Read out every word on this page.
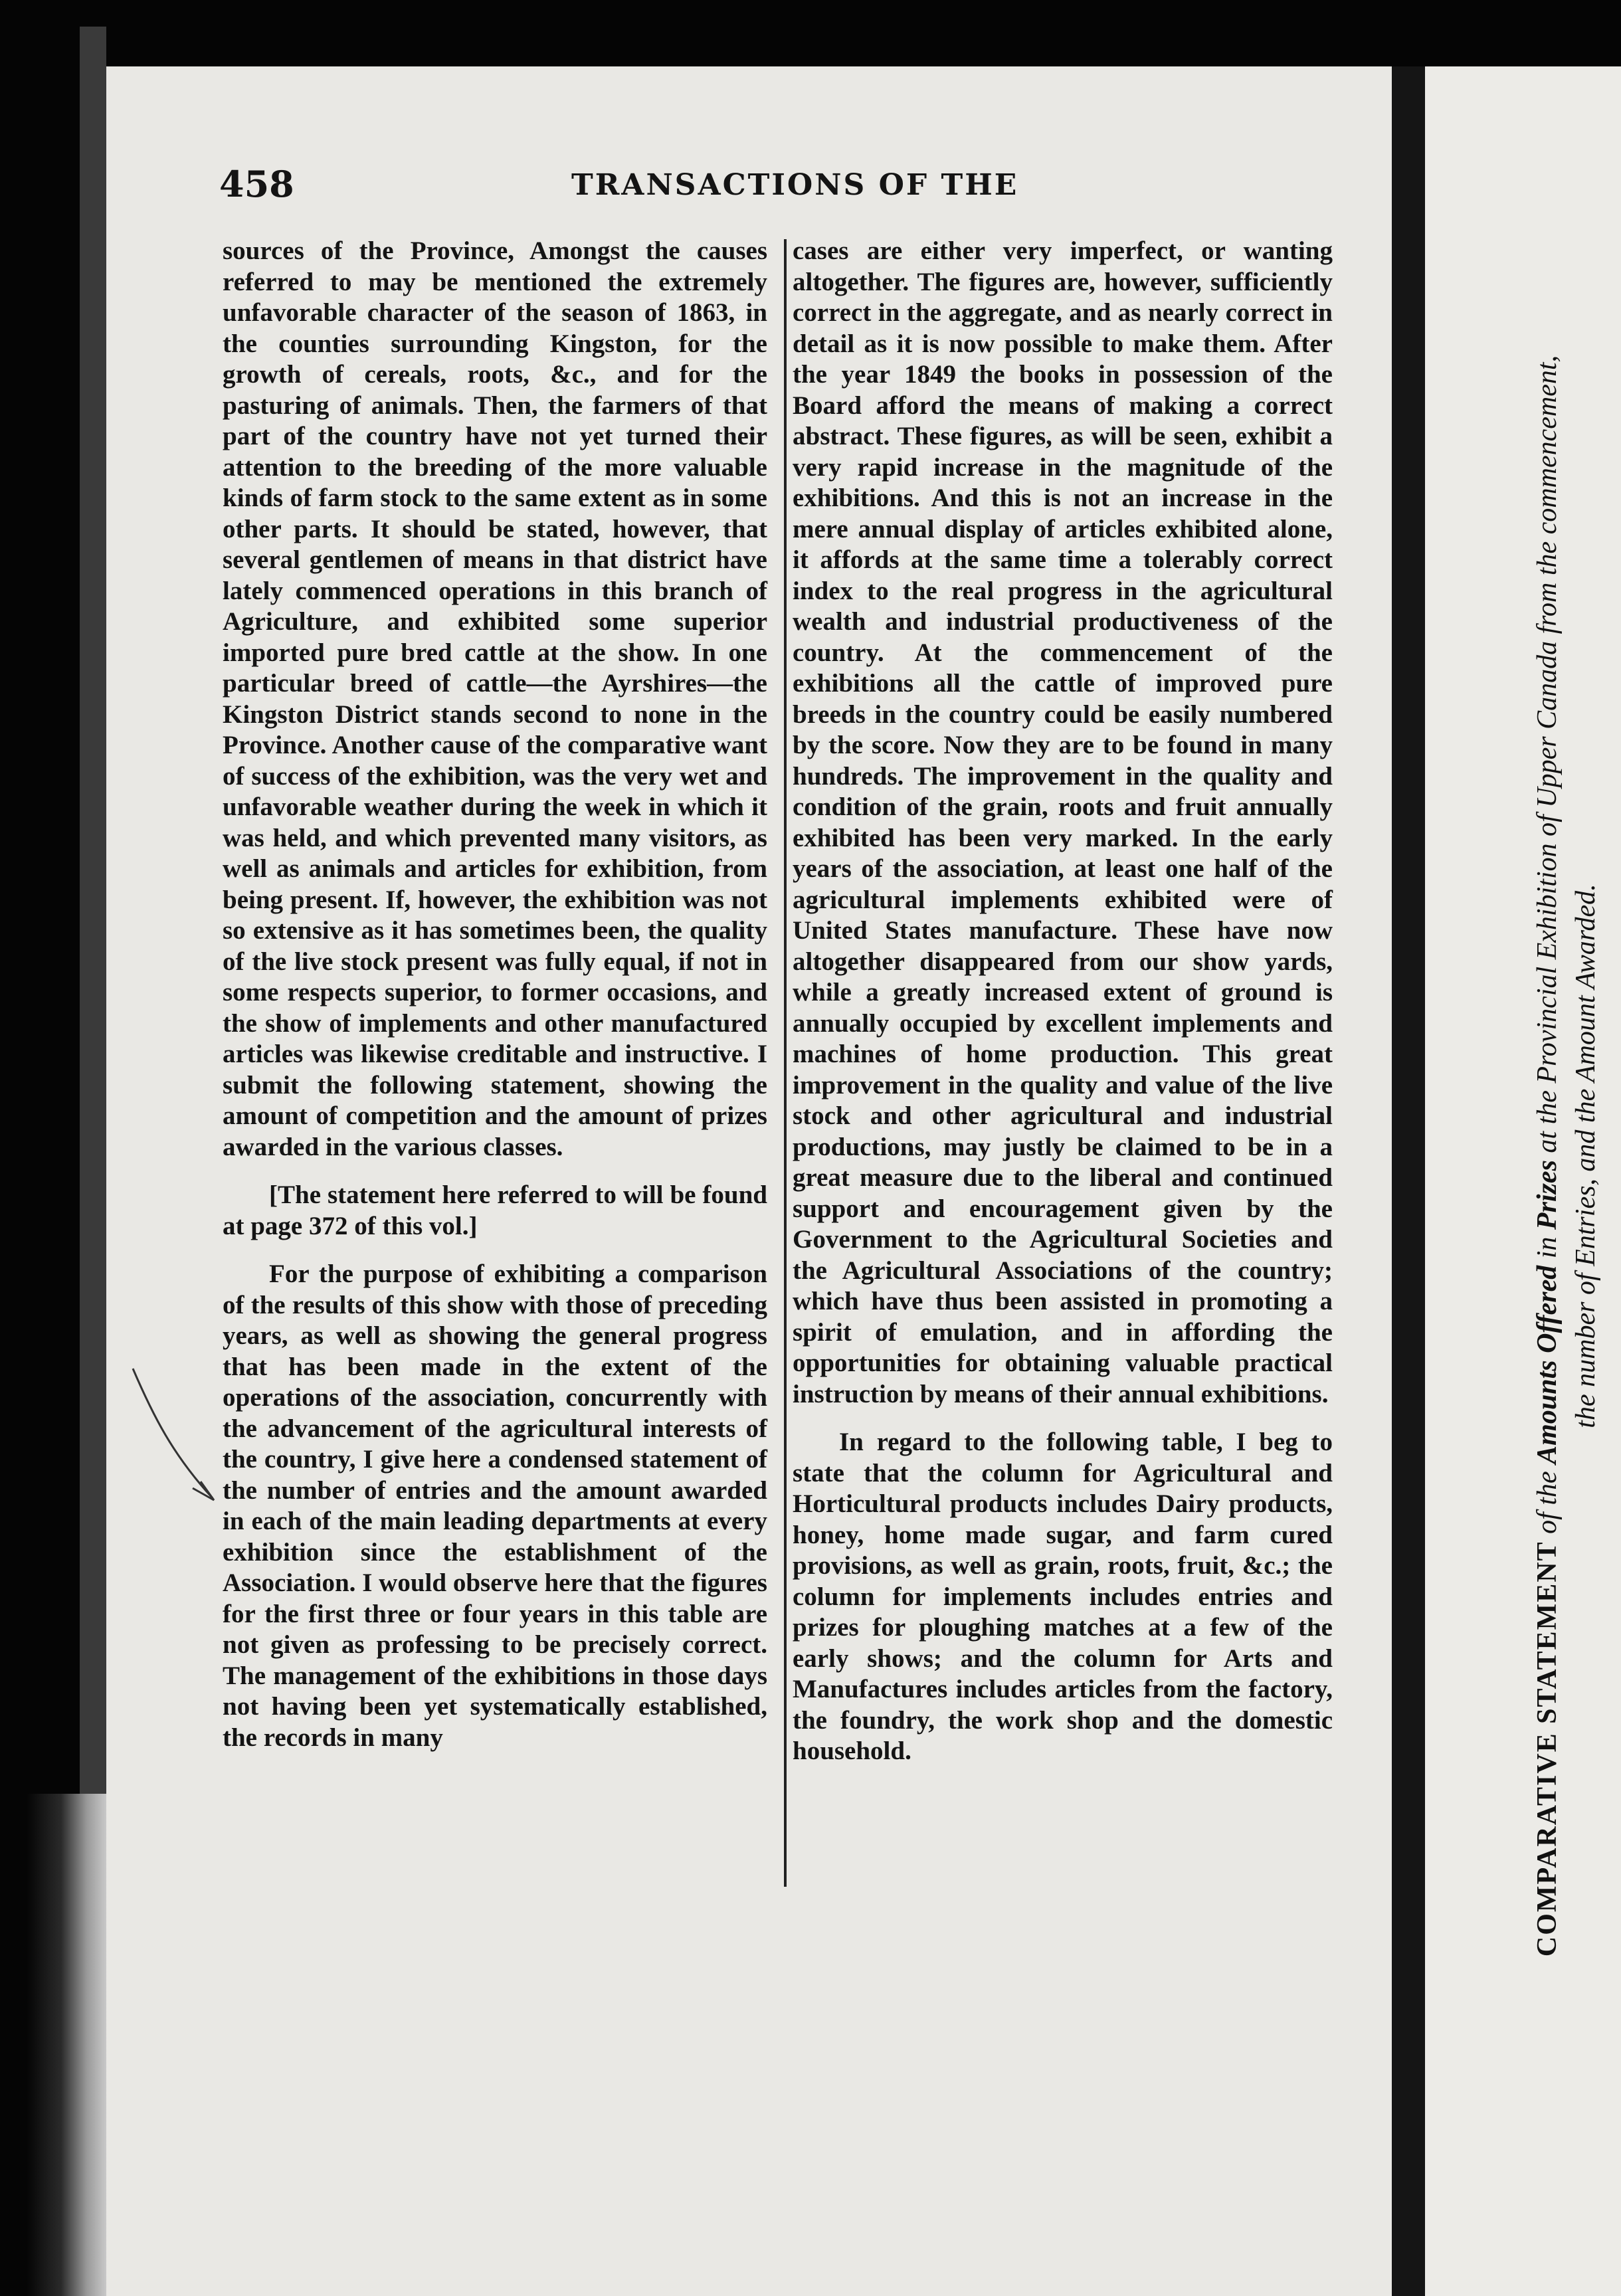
458	TRANSACTIONS OF THE

sources of the Province, Amongst the causes referred to may be mentioned the extremely unfavorable character of the season of 1863, in the counties surrounding Kingston, for the growth of cereals, roots, &c., and for the pasturing of animals. Then, the farmers of that part of the country have not yet turned their attention to the breeding of the more valuable kinds of farm stock to the same extent as in some other parts. It should be stated, however, that several gentlemen of means in that district have lately commenced operations in this branch of Agriculture, and exhibited some superior imported pure bred cattle at the show. In one particular breed of cattle—the Ayrshires—the Kingston District stands second to none in the Province. Another cause of the comparative want of success of the exhibition, was the very wet and unfavorable weather during the week in which it was held, and which prevented many visitors, as well as animals and articles for exhibition, from being present. If, however, the exhibition was not so extensive as it has sometimes been, the quality of the live stock present was fully equal, if not in some respects superior, to former occasions, and the show of implements and other manufactured articles was likewise creditable and instructive. I submit the following statement, showing the amount of competition and the amount of prizes awarded in the various classes.

[The statement here referred to will be found at page 372 of this vol.]

For the purpose of exhibiting a comparison of the results of this show with those of preceding years, as well as showing the general progress that has been made in the extent of the operations of the association, concurrently with the advancement of the agricultural interests of the country, I give here a condensed statement of the number of entries and the amount awarded in each of the main leading departments at every exhibition since the establishment of the Association. I would observe here that the figures for the first three or four years in this table are not given as professing to be precisely correct. The management of the exhibitions in those days not having been yet systematically established, the records in many

cases are either very imperfect, or wanting altogether. The figures are, however, sufficiently correct in the aggregate, and as nearly correct in detail as it is now possible to make them. After the year 1849 the books in possession of the Board afford the means of making a correct abstract. These figures, as will be seen, exhibit a very rapid increase in the magnitude of the exhibitions. And this is not an increase in the mere annual display of articles exhibited alone, it affords at the same time a tolerably correct index to the real progress in the agricultural wealth and industrial productiveness of the country. At the commencement of the exhibitions all the cattle of improved pure breeds in the country could be easily numbered by the score. Now they are to be found in many hundreds. The improvement in the quality and condition of the grain, roots and fruit annually exhibited has been very marked. In the early years of the association, at least one half of the agricultural implements exhibited were of United States manufacture. These have now altogether disappeared from our show yards, while a greatly increased extent of ground is annually occupied by excellent implements and machines of home production. This great improvement in the quality and value of the live stock and other agricultural and industrial productions, may justly be claimed to be in a great measure due to the liberal and continued support and encouragement given by the Government to the Agricultural Societies and the Agricultural Associations of the country; which have thus been assisted in promoting a spirit of emulation, and in affording the opportunities for obtaining valuable practical instruction by means of their annual exhibitions.

In regard to the following table, I beg to state that the column for Agricultural and Horticultural products includes Dairy products, honey, home made sugar, and farm cured provisions, as well as grain, roots, fruit, &c.; the column for implements includes entries and prizes for ploughing matches at a few of the early shows; and the column for Arts and Manufactures includes articles from the factory, the foundry, the work shop and the domestic household.	COMPARATIVE STATEMENT of the Amounts Offered in Prizes at the Provincial Exhibition of Upper Canada from the commencement, the number of Entries, and the Amount Awarded.
